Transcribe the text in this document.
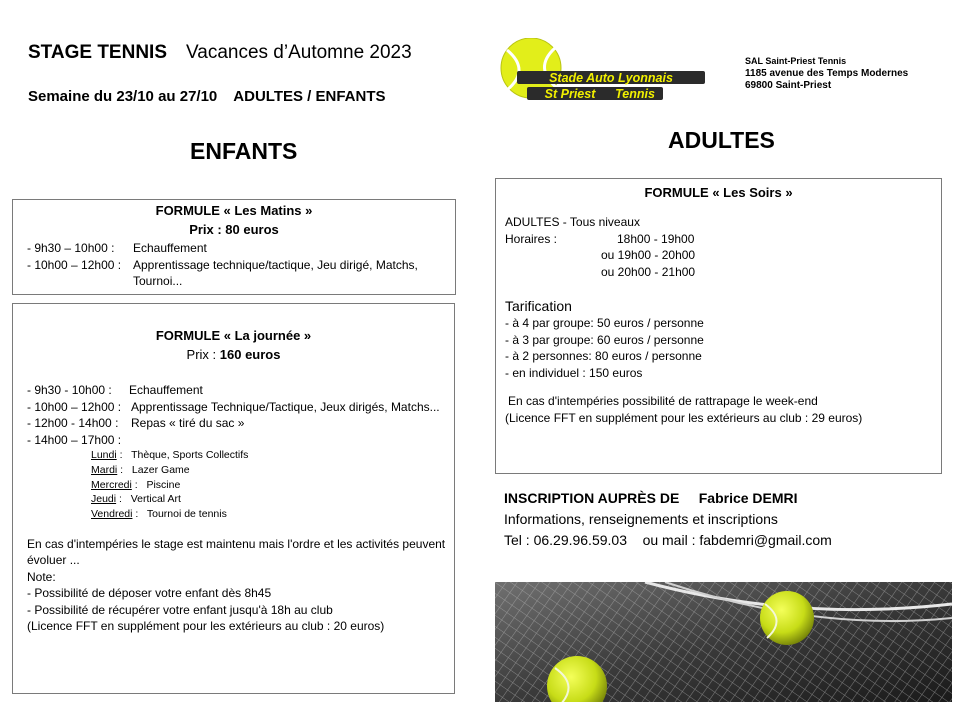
STAGE TENNIS Vacances d’Automne 2023
Semaine du 23/10 au 27/10 ADULTES / ENFANTS
Stade Auto Lyonnais
St Priest Tennis
SAL Saint-Priest Tennis
1185 avenue des Temps Modernes
69800 Saint-Priest
ENFANTS	ADULTES
FORMULE « Les Matins »
Prix : 80 euros
- 9h30 – 10h00 :	Echauffement
- 10h00 – 12h00 : Apprentissage technique/tactique, Jeu dirigé, Matchs, Tournoi...
FORMULE « La journée »
Prix : 160 euros
- 9h30 - 10h00 :	Echauffement
- 10h00 – 12h00 : Apprentissage Technique/Tactique, Jeux dirigés, Matchs...
- 12h00 - 14h00 :	Repas « tiré du sac »
- 14h00 – 17h00 :
Lundi :   Thèque, Sports Collectifs
Mardi :   Lazer Game
Mercredi :   Piscine
Jeudi :   Vertical Art
Vendredi :   Tournoi de tennis
En cas d'intempéries le stage est maintenu mais l'ordre et les activités peuvent évoluer ...
Note:
- Possibilité de déposer votre enfant dès 8h45
- Possibilité de récupérer votre enfant jusqu'à 18h au club
(Licence FFT en supplément pour les extérieurs au club : 20 euros)
FORMULE « Les Soirs »
ADULTES - Tous niveaux
Horaires :	18h00 - 19h00
ou 19h00 - 20h00
ou 20h00 - 21h00
Tarification
- à 4 par groupe: 50 euros / personne
- à 3 par groupe: 60 euros / personne
- à 2 personnes: 80 euros / personne
- en individuel : 150 euros
En cas d'intempéries possibilité de rattrapage le week-end
(Licence FFT en supplément pour les extérieurs au club : 29 euros)
INSCRIPTION AUPRÈS DE Fabrice DEMRI
Informations, renseignements et inscriptions
Tel : 06.29.96.59.03 ou mail : fabdemri@gmail.com
